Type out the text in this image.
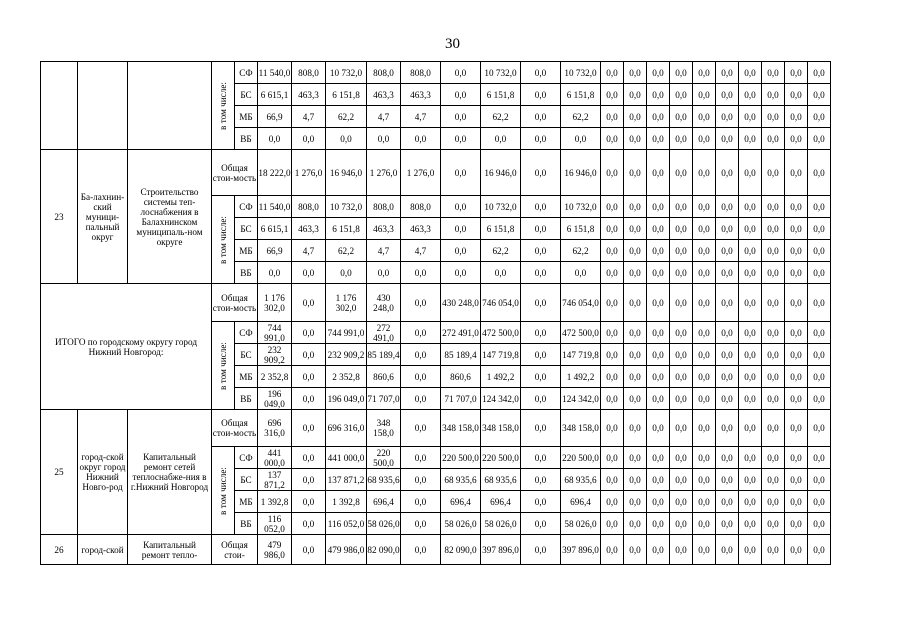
30

			в том числе:	СФ	11 540,0	808,0	10 732,0	808,0	808,0	0,0	10 732,0	0,0	10 732,0	0,0	0,0	0,0	0,0	0,0	0,0	0,0	0,0	0,0	0,0
				БС	6 615,1	463,3	6 151,8	463,3	463,3	0,0	6 151,8	0,0	6 151,8	0,0	0,0	0,0	0,0	0,0	0,0	0,0	0,0	0,0	0,0
				МБ	66,9	4,7	62,2	4,7	4,7	0,0	62,2	0,0	62,2	0,0	0,0	0,0	0,0	0,0	0,0	0,0	0,0	0,0	0,0
				ВБ	0,0	0,0	0,0	0,0	0,0	0,0	0,0	0,0	0,0	0,0	0,0	0,0	0,0	0,0	0,0	0,0	0,0	0,0	0,0
23	Ба-лахнин-ский муници-пальный округ	Строительство системы теп-лоснабжения в Балахнинском муниципаль-ном округе	Общая стои-мость		18 222,0	1 276,0	16 946,0	1 276,0	1 276,0	0,0	16 946,0	0,0	16 946,0	0,0	0,0	0,0	0,0	0,0	0,0	0,0	0,0	0,0	0,0

			в том числе:	СФ	11 540,0	808,0	10 732,0	808,0	808,0	0,0	10 732,0	0,0	10 732,0	0,0	0,0	0,0	0,0	0,0	0,0	0,0	0,0	0,0	0,0
				БС	6 615,1	463,3	6 151,8	463,3	463,3	0,0	6 151,8	0,0	6 151,8	0,0	0,0	0,0	0,0	0,0	0,0	0,0	0,0	0,0	0,0
				МБ	66,9	4,7	62,2	4,7	4,7	0,0	62,2	0,0	62,2	0,0	0,0	0,0	0,0	0,0	0,0	0,0	0,0	0,0	0,0
				ВБ	0,0	0,0	0,0	0,0	0,0	0,0	0,0	0,0	0,0	0,0	0,0	0,0	0,0	0,0	0,0	0,0	0,0	0,0	0,0
ИТОГО по городскому округу город Нижний Новгород:			Общая стои-мость		1 176 302,0	0,0	1 176 302,0	430 248,0	0,0	430 248,0	746 054,0	0,0	746 054,0	0,0	0,0	0,0	0,0	0,0	0,0	0,0	0,0	0,0	0,0

			в том числе:	СФ	744 991,0	0,0	744 991,0	272 491,0	0,0	272 491,0	472 500,0	0,0	472 500,0	0,0	0,0	0,0	0,0	0,0	0,0	0,0	0,0	0,0	0,0
				БС	232 909,2	0,0	232 909,2	85 189,4	0,0	85 189,4	147 719,8	0,0	147 719,8	0,0	0,0	0,0	0,0	0,0	0,0	0,0	0,0	0,0	0,0
				МБ	2 352,8	0,0	2 352,8	860,6	0,0	860,6	1 492,2	0,0	1 492,2	0,0	0,0	0,0	0,0	0,0	0,0	0,0	0,0	0,0	0,0
				ВБ	196 049,0	0,0	196 049,0	71 707,0	0,0	71 707,0	124 342,0	0,0	124 342,0	0,0	0,0	0,0	0,0	0,0	0,0	0,0	0,0	0,0	0,0
25	город-ской округ город Нижний Новго-род	Капитальный ремонт сетей теплоснабже-ния в г.Нижний Новгород	Общая стои-мость		696 316,0	0,0	696 316,0	348 158,0	0,0	348 158,0	348 158,0	0,0	348 158,0	0,0	0,0	0,0	0,0	0,0	0,0	0,0	0,0	0,0	0,0

			в том числе:	СФ	441 000,0	0,0	441 000,0	220 500,0	0,0	220 500,0	220 500,0	0,0	220 500,0	0,0	0,0	0,0	0,0	0,0	0,0	0,0	0,0	0,0	0,0
				БС	137 871,2	0,0	137 871,2	68 935,6	0,0	68 935,6	68 935,6	0,0	68 935,6	0,0	0,0	0,0	0,0	0,0	0,0	0,0	0,0	0,0	0,0
				МБ	1 392,8	0,0	1 392,8	696,4	0,0	696,4	696,4	0,0	696,4	0,0	0,0	0,0	0,0	0,0	0,0	0,0	0,0	0,0	0,0
				ВБ	116 052,0	0,0	116 052,0	58 026,0	0,0	58 026,0	58 026,0	0,0	58 026,0	0,0	0,0	0,0	0,0	0,0	0,0	0,0	0,0	0,0	0,0
26	город-ской	Капитальный ремонт тепло-	Общая стои-		479 986,0	0,0	479 986,0	82 090,0	0,0	82 090,0	397 896,0	0,0	397 896,0	0,0	0,0	0,0	0,0	0,0	0,0	0,0	0,0	0,0	0,0
